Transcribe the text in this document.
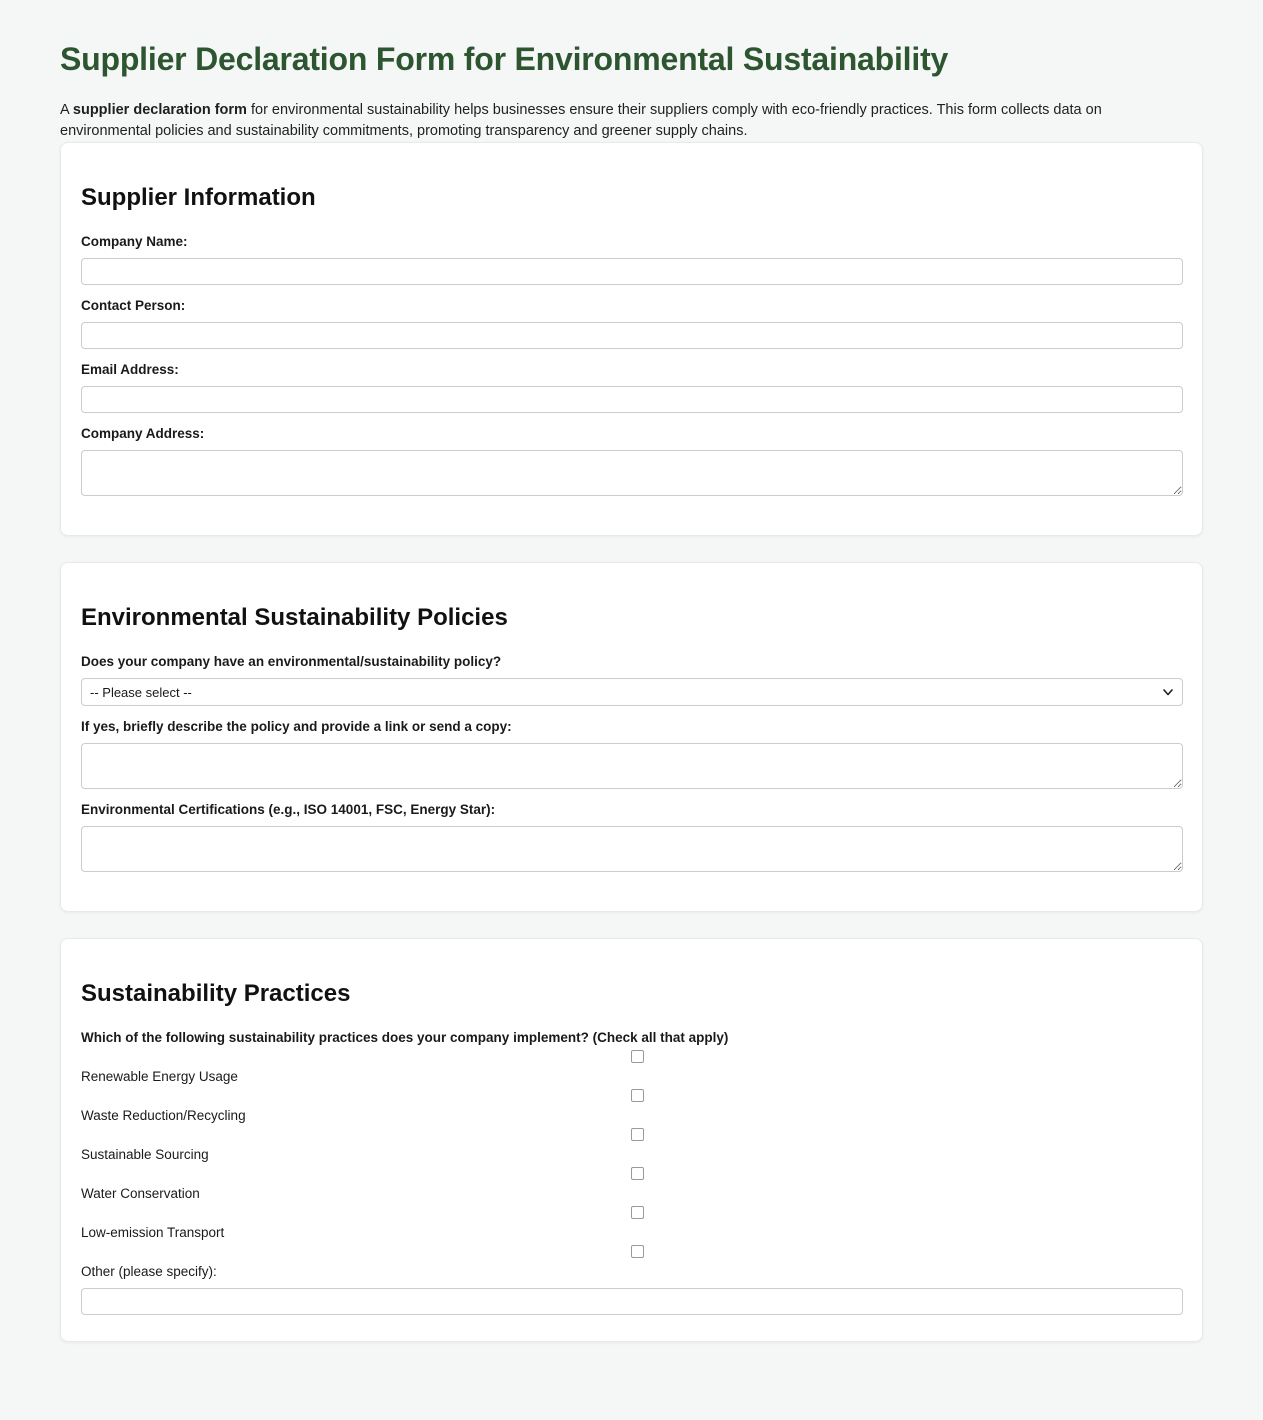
Supplier Declaration Form for Environmental Sustainability

A supplier declaration form for environmental sustainability helps businesses ensure their suppliers comply with eco-friendly practices. This form collects data on environmental policies and sustainability commitments, promoting transparency and greener supply chains.

Supplier Information
Company Name:
Contact Person:
Email Address:
Company Address:
Environmental Sustainability Policies
Does your company have an environmental/sustainability policy?
-- Please select --
If yes, briefly describe the policy and provide a link or send a copy:
Environmental Certifications (e.g., ISO 14001, FSC, Energy Star):
Sustainability Practices
Which of the following sustainability practices does your company implement? (Check all that apply)
Renewable Energy Usage
Waste Reduction/Recycling
Sustainable Sourcing
Water Conservation
Low-emission Transport
Other (please specify):
